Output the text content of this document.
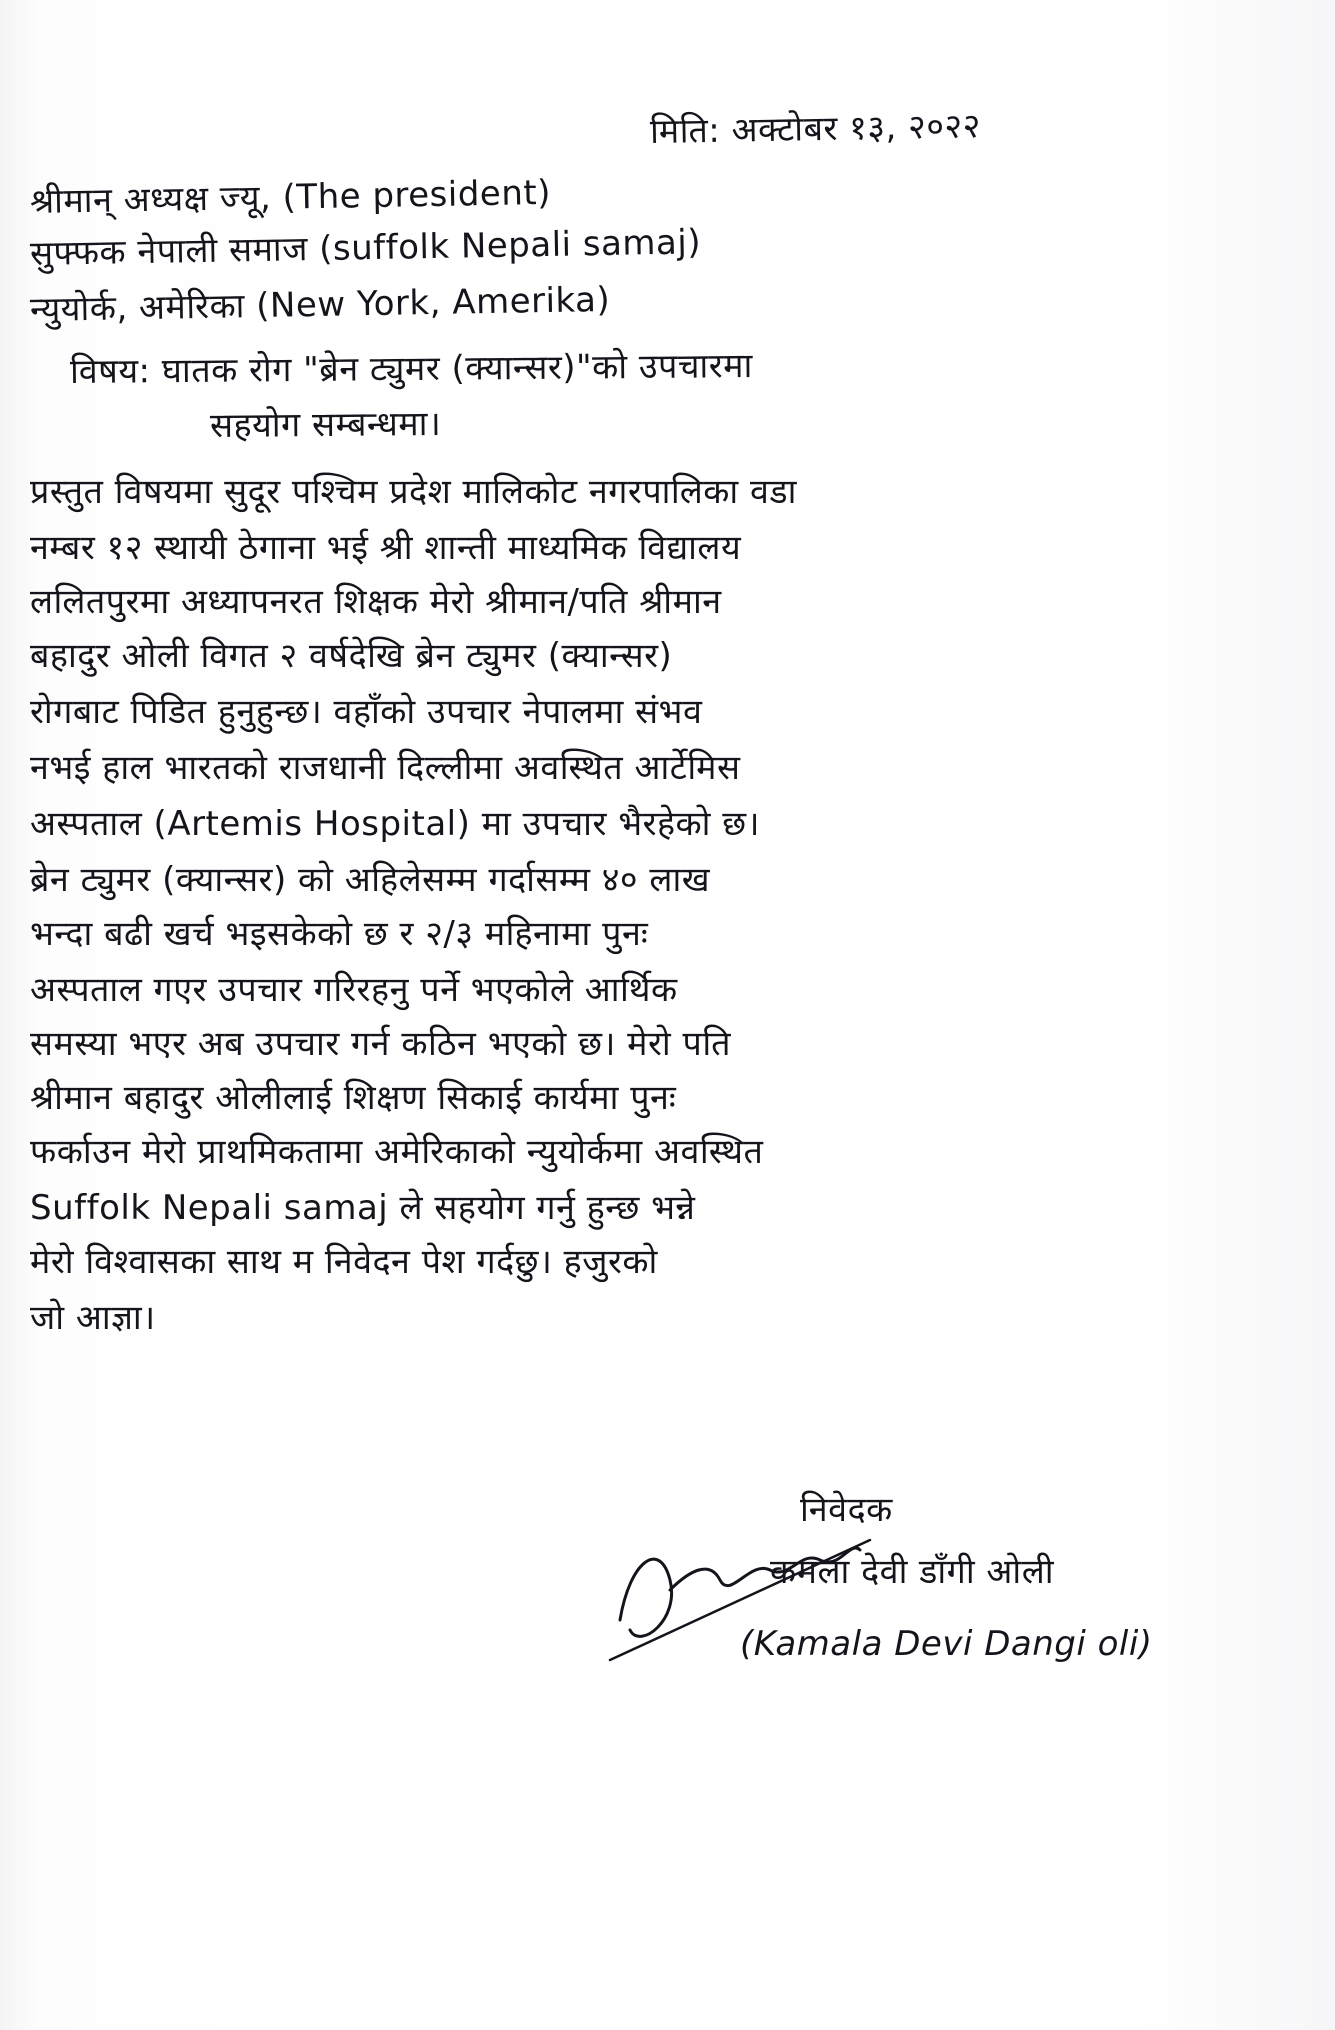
मिति: अक्टोबर १३, २०२२
श्रीमान् अध्यक्ष ज्यू, (The president)
सुफ्फक नेपाली समाज (suffolk Nepali samaj)
न्युयोर्क, अमेरिका (New York, Amerika)
विषय: घातक रोग "ब्रेन ट्युमर (क्यान्सर)"को उपचारमा
सहयोग सम्बन्धमा।
प्रस्तुत विषयमा सुदूर पश्चिम प्रदेश मालिकोट नगरपालिका वडा
नम्बर १२ स्थायी ठेगाना भई श्री शान्ती माध्यमिक विद्यालय
ललितपुरमा अध्यापनरत शिक्षक मेरो श्रीमान/पति श्रीमान
बहादुर ओली विगत २ वर्षदेखि ब्रेन ट्युमर (क्यान्सर)
रोगबाट पिडित हुनुहुन्छ। वहाँको उपचार नेपालमा संभव
नभई हाल भारतको राजधानी दिल्लीमा अवस्थित आर्टेमिस
अस्पताल (Artemis Hospital) मा उपचार भैरहेको छ।
ब्रेन ट्युमर (क्यान्सर) को अहिलेसम्म गर्दासम्म ४० लाख
भन्दा बढी खर्च भइसकेको छ र २/३ महिनामा पुनः
अस्पताल गएर उपचार गरिरहनु पर्ने भएकोले आर्थिक
समस्या भएर अब उपचार गर्न कठिन भएको छ। मेरो पति
श्रीमान बहादुर ओलीलाई शिक्षण सिकाई कार्यमा पुनः
फर्काउन मेरो प्राथमिकतामा अमेरिकाको न्युयोर्कमा अवस्थित
Suffolk Nepali samaj ले सहयोग गर्नु हुन्छ भन्ने
मेरो विश्वासका साथ म निवेदन पेश गर्दछु। हजुरको
जो आज्ञा।
निवेदक
कमला देवी डाँगी ओली
(Kamala Devi Dangi oli)
